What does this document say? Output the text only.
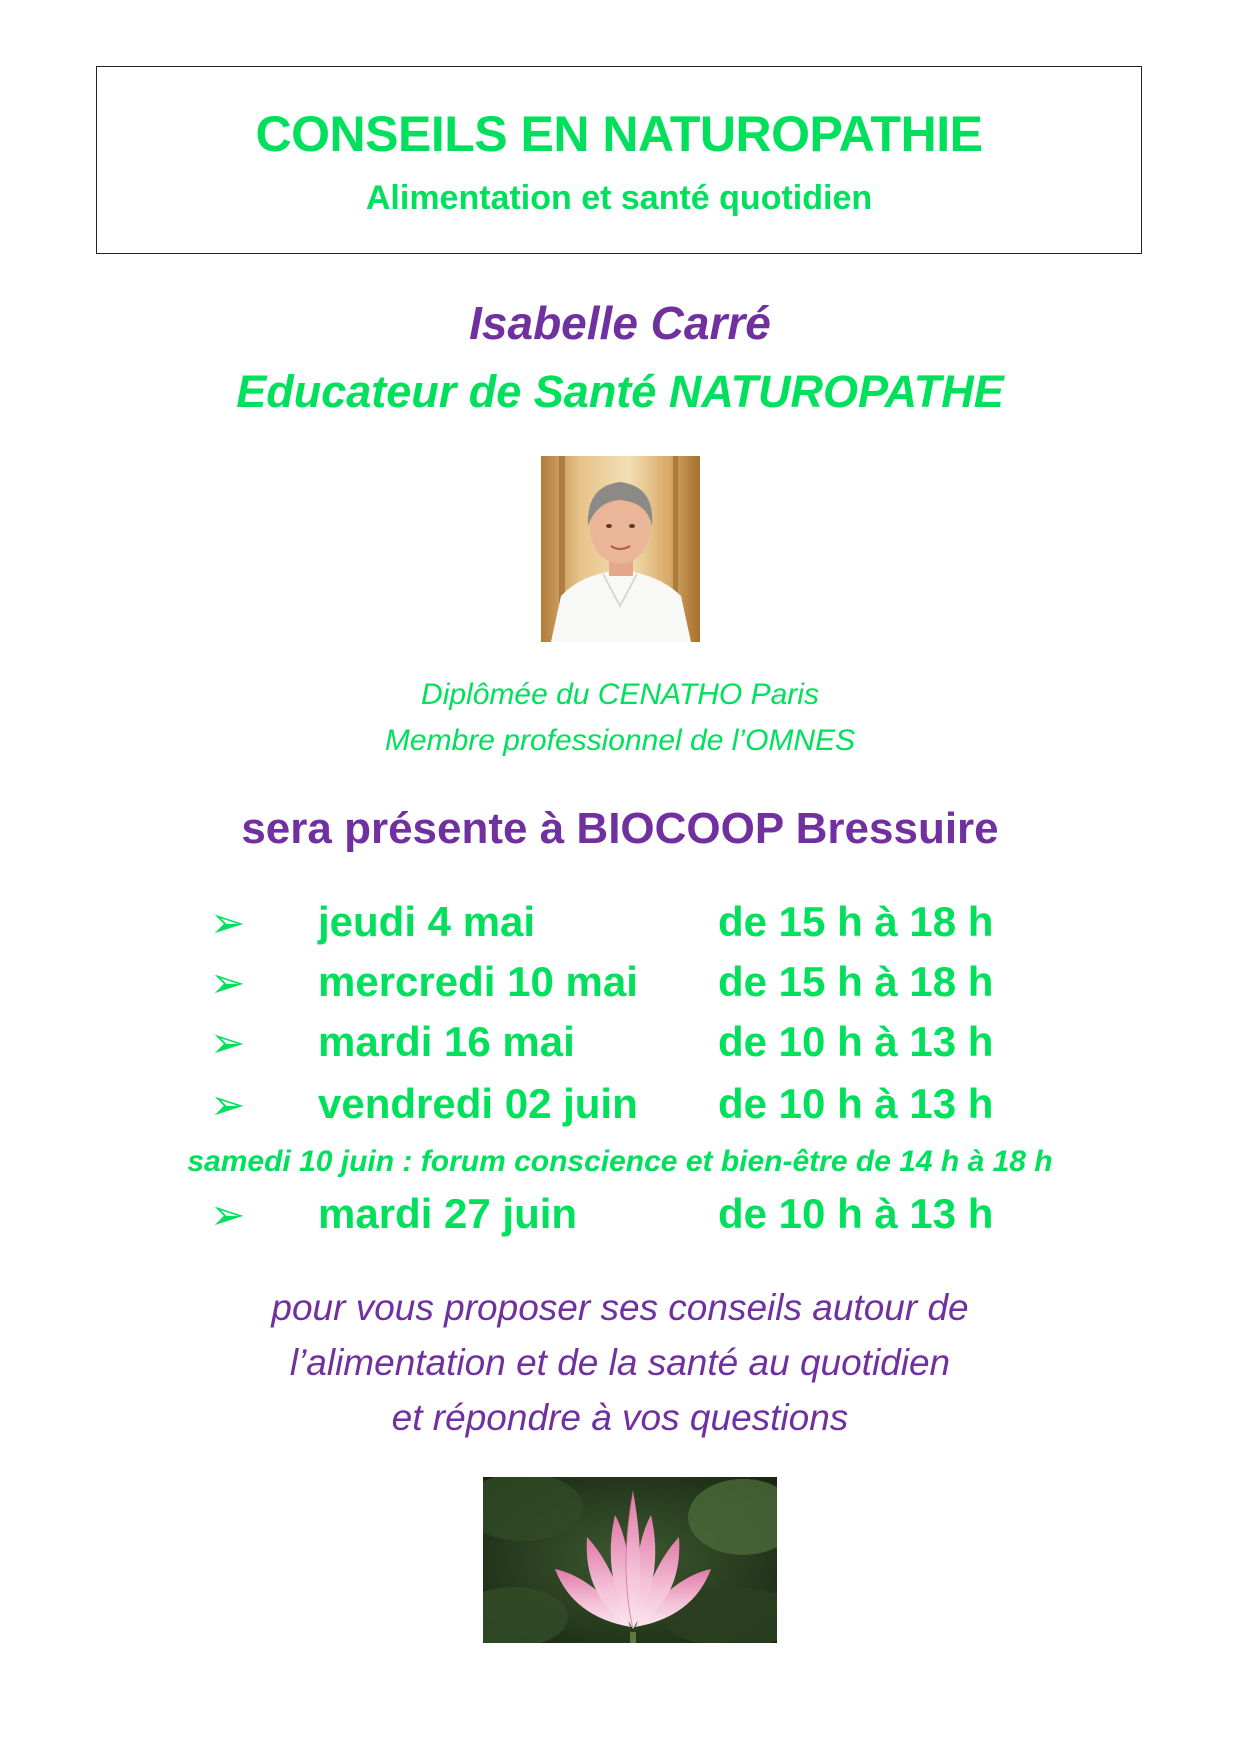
CONSEILS EN NATUROPATHIE
Alimentation et santé quotidien

Isabelle Carré

Educateur de Santé NATUROPATHE

Diplômée du CENATHO Paris

Membre professionnel de l’OMNES

sera présente à BIOCOOP Bressuire

➢ jeudi 4 mai	de 15 h à 18 h
➢ mercredi 10 mai de 15 h à 18 h
➢ mardi 16 mai	de 10 h à 13 h
➢ vendredi 02 juin de 10 h à 13 h

samedi 10 juin : forum conscience et bien-être de 14 h à 18 h

➢ mardi 27 juin	de 10 h à 13 h

pour vous proposer ses conseils autour de

l’alimentation et de la santé au quotidien

et répondre à vos questions
